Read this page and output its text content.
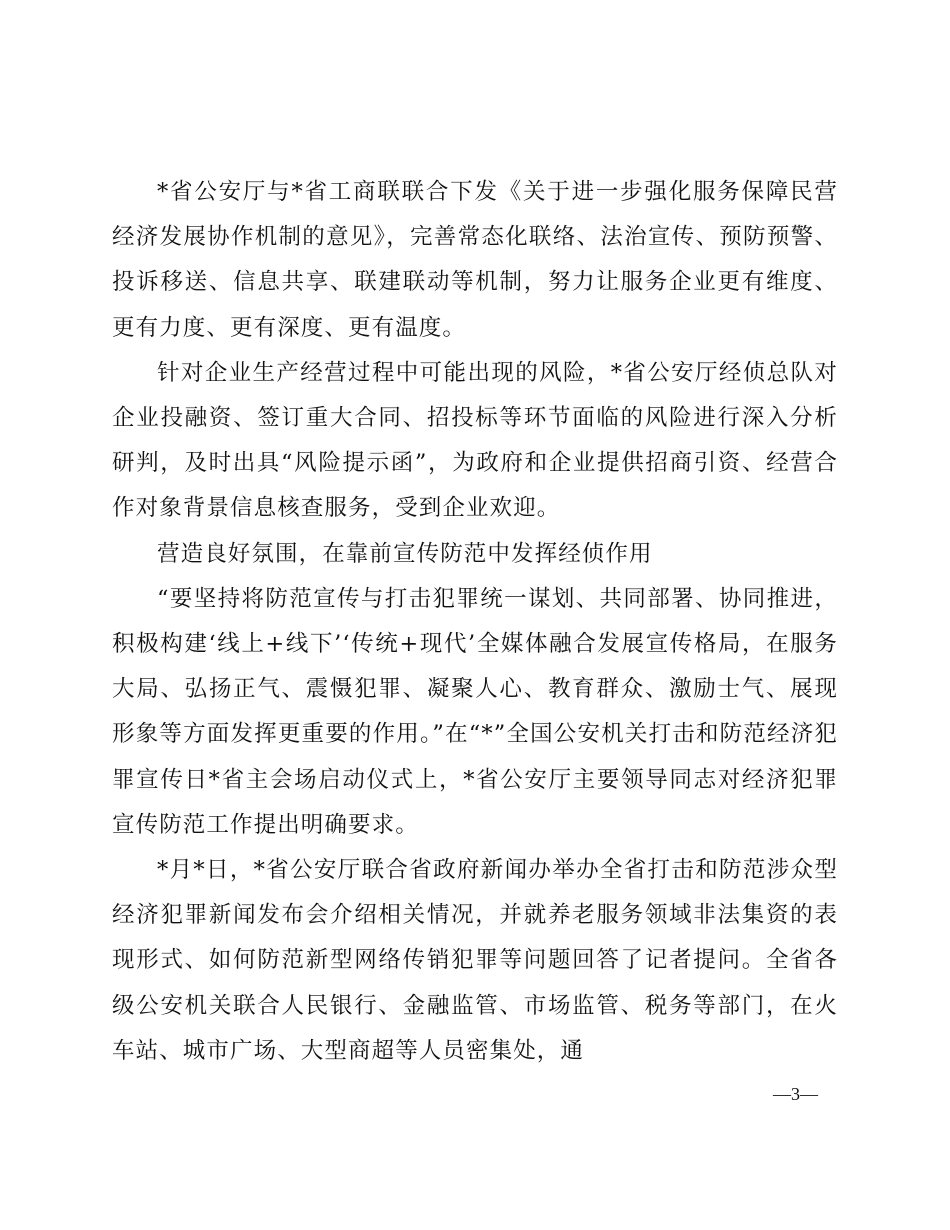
*省公安厅与*省工商联联合下发《关于进一步强化服务保障民营经济发展协作机制的意见》，完善常态化联络、法治宣传、预防预警、投诉移送、信息共享、联建联动等机制，努力让服务企业更有维度、更有力度、更有深度、更有温度。

针对企业生产经营过程中可能出现的风险，*省公安厅经侦总队对企业投融资、签订重大合同、招投标等环节面临的风险进行深入分析研判，及时出具“风险提示函”，为政府和企业提供招商引资、经营合作对象背景信息核查服务，受到企业欢迎。

营造良好氛围，在靠前宣传防范中发挥经侦作用

“要坚持将防范宣传与打击犯罪统一谋划、共同部署、协同推进，积极构建‘线上+线下’‘传统+现代’全媒体融合发展宣传格局，在服务大局、弘扬正气、震慑犯罪、凝聚人心、教育群众、激励士气、展现形象等方面发挥更重要的作用。”在“*”全国公安机关打击和防范经济犯罪宣传日*省主会场启动仪式上，*省公安厅主要领导同志对经济犯罪宣传防范工作提出明确要求。

*月*日，*省公安厅联合省政府新闻办举办全省打击和防范涉众型经济犯罪新闻发布会介绍相关情况，并就养老服务领域非法集资的表现形式、如何防范新型网络传销犯罪等问题回答了记者提问。全省各级公安机关联合人民银行、金融监管、市场监管、税务等部门，在火车站、城市广场、大型商超等人员密集处，通

—3—
